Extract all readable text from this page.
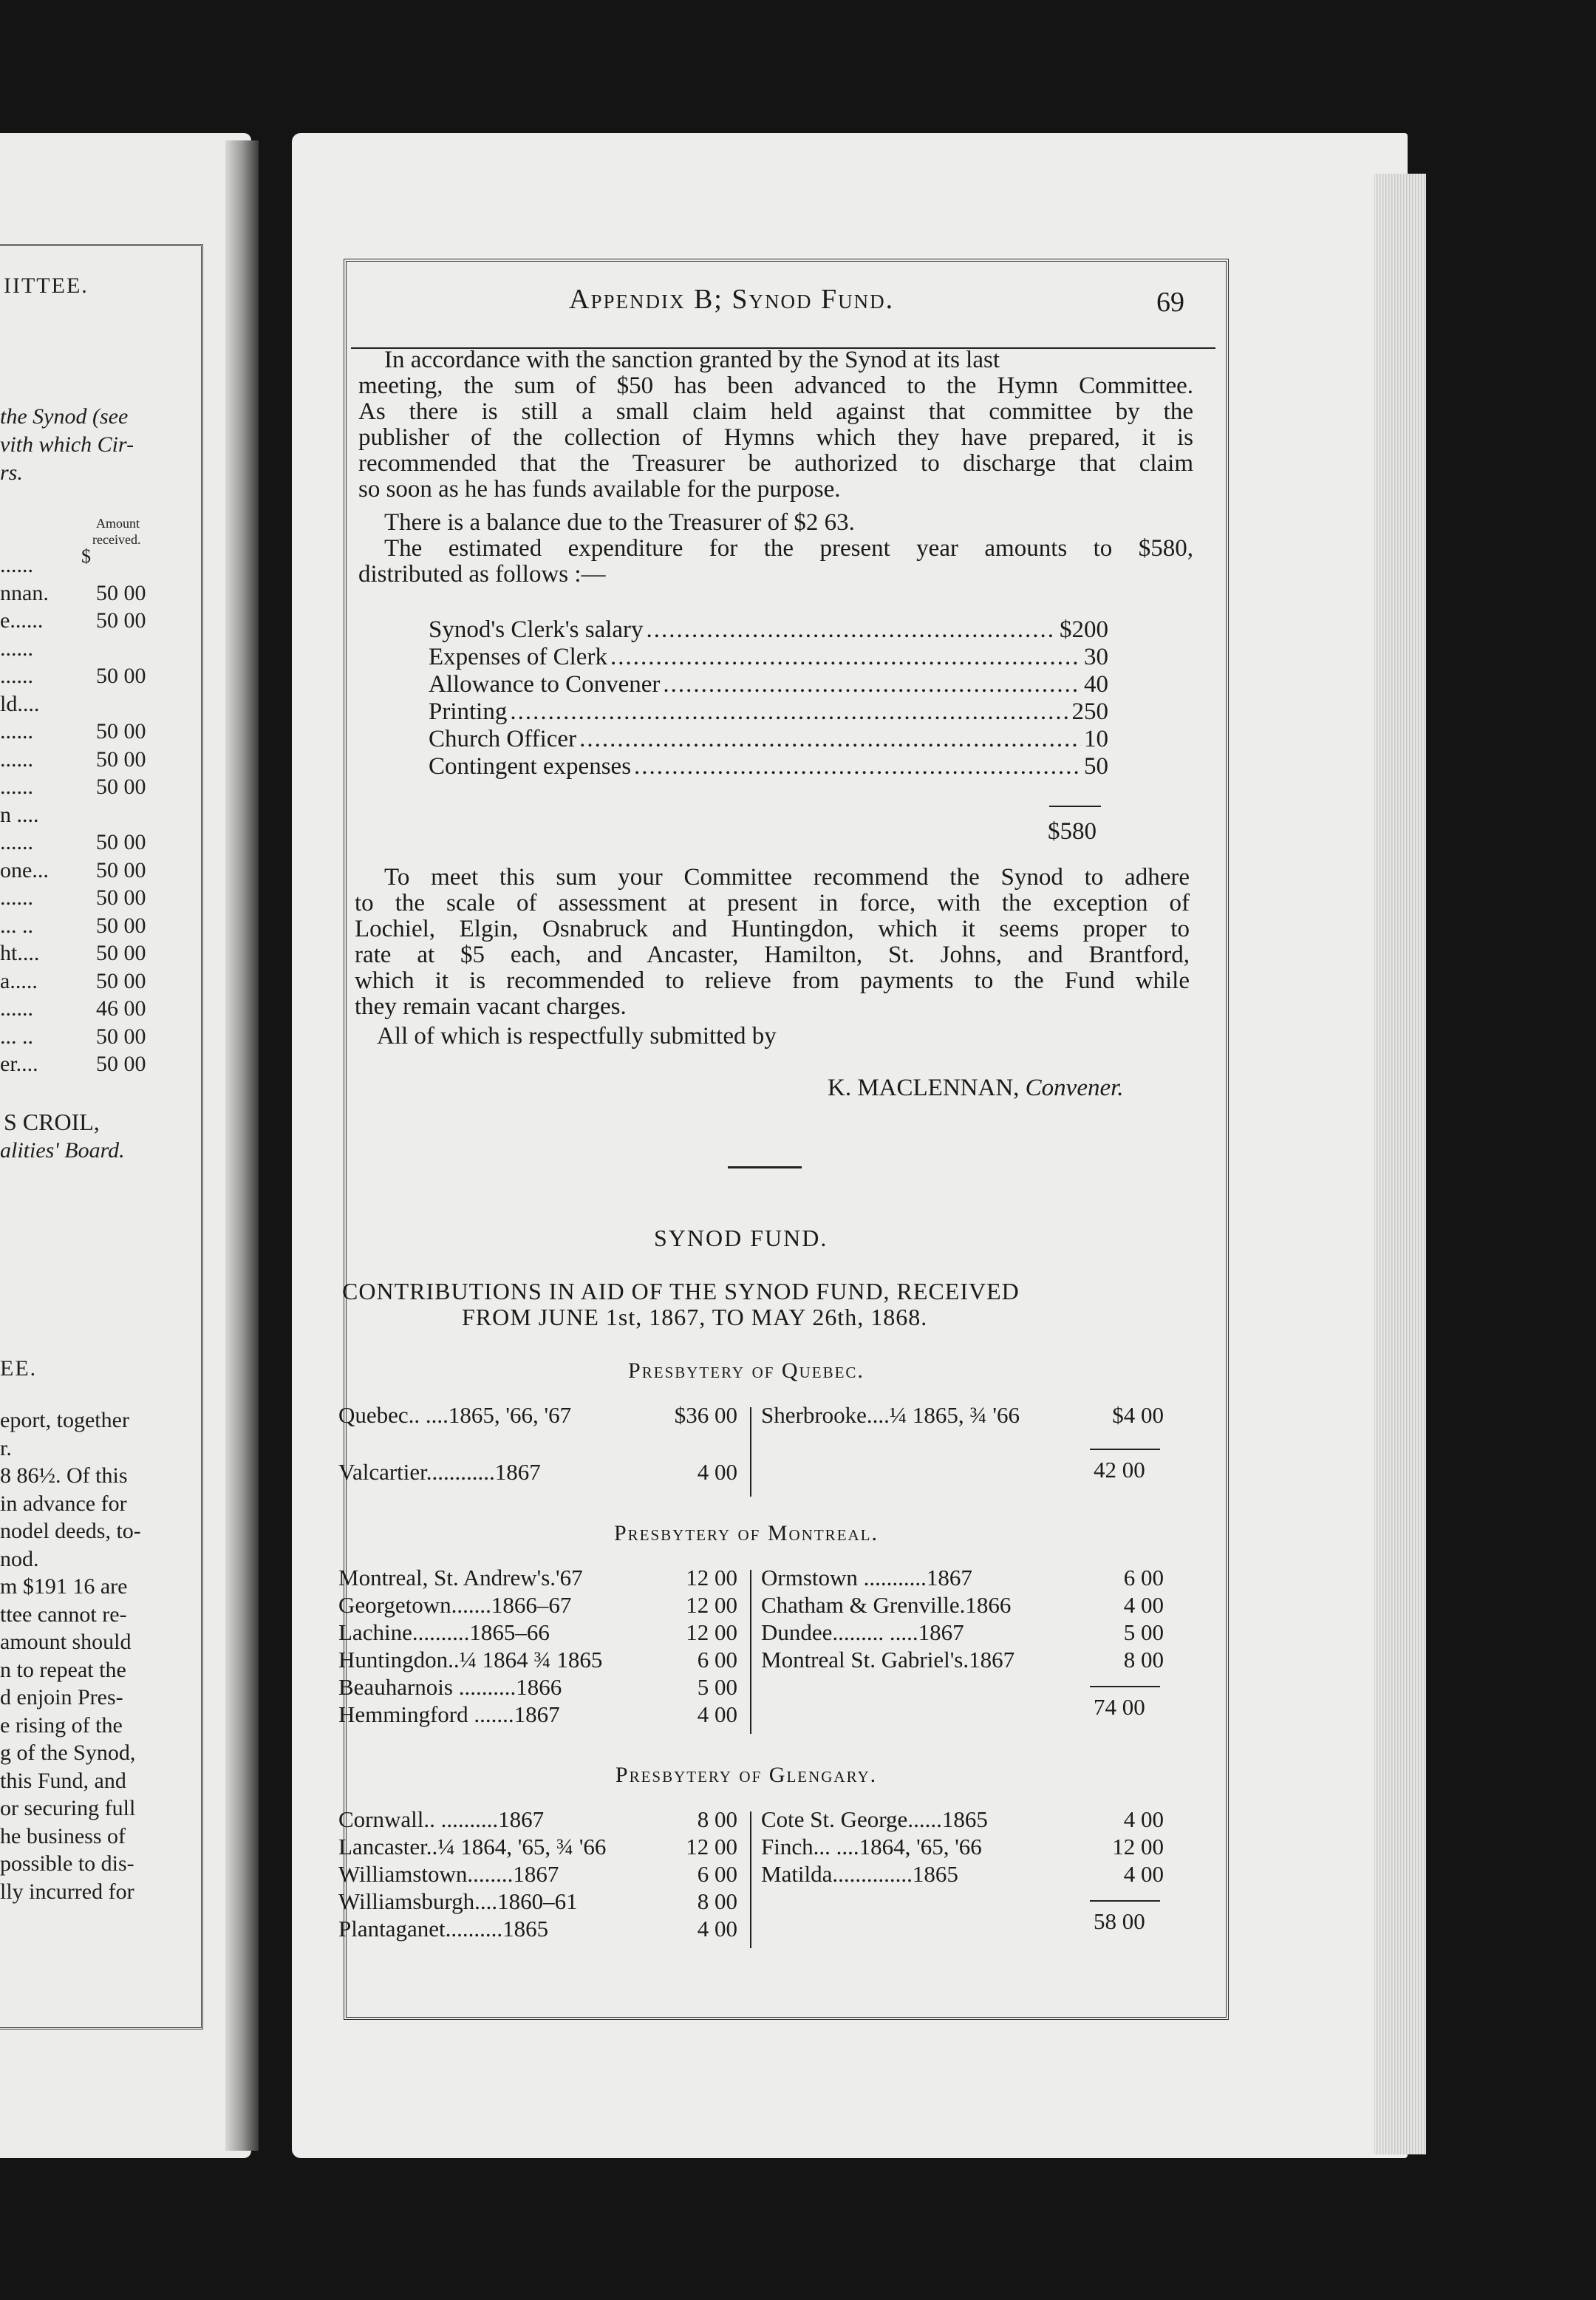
IITTEE.
the Synod (see
vith which Cir-
rs.
Amount
received.
$
......
nnan. 50 00
e...... 50 00
......
......	50 00
ld....
......	50 00
......	50 00
......	50 00
n ....
......	50 00
one... 50 00
......	50 00
... ..	50 00
ht....	50 00
a.....	50 00
......	46 00
... ..	50 00
er....	50 00
S CROIL,
alities' Board.
EE.
eport, together
r.
8 86½. Of this
in advance for
nodel deeds, to-
nod.
m $191 16 are
ttee cannot re-
amount should
n to repeat the
d enjoin Pres-
e rising of the
g of the Synod,
this Fund, and
or securing full
he business of
possible to dis-
lly incurred for
Appendix B; Synod Fund.	69
In accordance with the sanction granted by the Synod at its last
meeting, the sum of $50 has been advanced to the Hymn Committee.
As there is still a small claim held against that committee by the
publisher of the collection of Hymns which they have prepared, it is
recommended that the Treasurer be authorized to discharge that claim
so soon as he has funds available for the purpose.
There is a balance due to the Treasurer of $2 63.
The estimated expenditure for the present year amounts to $580,
distributed as follows :—
Synod's Clerk's salary .....	$200
Expenses of Clerk .....	30
Allowance to Convener .....	40
Printing .....	250
Church Officer .....	10
Contingent expenses .....	50
$580
To meet this sum your Committee recommend the Synod to adhere
to the scale of assessment at present in force, with the exception of
Lochiel, Elgin, Osnabruck and Huntingdon, which it seems proper to
rate at $5 each, and Ancaster, Hamilton, St. Johns, and Brantford,
which it is recommended to relieve from payments to the Fund while
they remain vacant charges.
All of which is respectfully submitted by
K. MACLENNAN, Convener.
SYNOD FUND.
CONTRIBUTIONS IN AID OF THE SYNOD FUND, RECEIVED
FROM JUNE 1st, 1867, TO MAY 26th, 1868.
Presbytery of Quebec.
Quebec.. ....1865, '66, '67	$36 00
Valcartier............1867	4 00
Sherbrooke....¼ 1865, ¾ '66	$4 00
42 00
Presbytery of Montreal.
Montreal, St. Andrew's.'67	12 00
Georgetown.......1866–67	12 00
Lachine..........1865–66	12 00
Huntingdon..¼ 1864 ¾ 1865	6 00
Beauharnois ..........1866	5 00
Hemmingford .......1867	4 00
Ormstown ...........1867	6 00
Chatham & Grenville.1866	4 00
Dundee......... .....1867	5 00
Montreal St. Gabriel's.1867	8 00
74 00
Presbytery of Glengary.
Cornwall.. ..........1867	8 00
Lancaster..¼ 1864, '65, ¾ '66	12 00
Williamstown........1867	6 00
Williamsburgh....1860–61	8 00
Plantaganet..........1865	4 00
Cote St. George......1865	4 00
Finch... ....1864, '65, '66	12 00
Matilda..............1865	4 00
58 00
